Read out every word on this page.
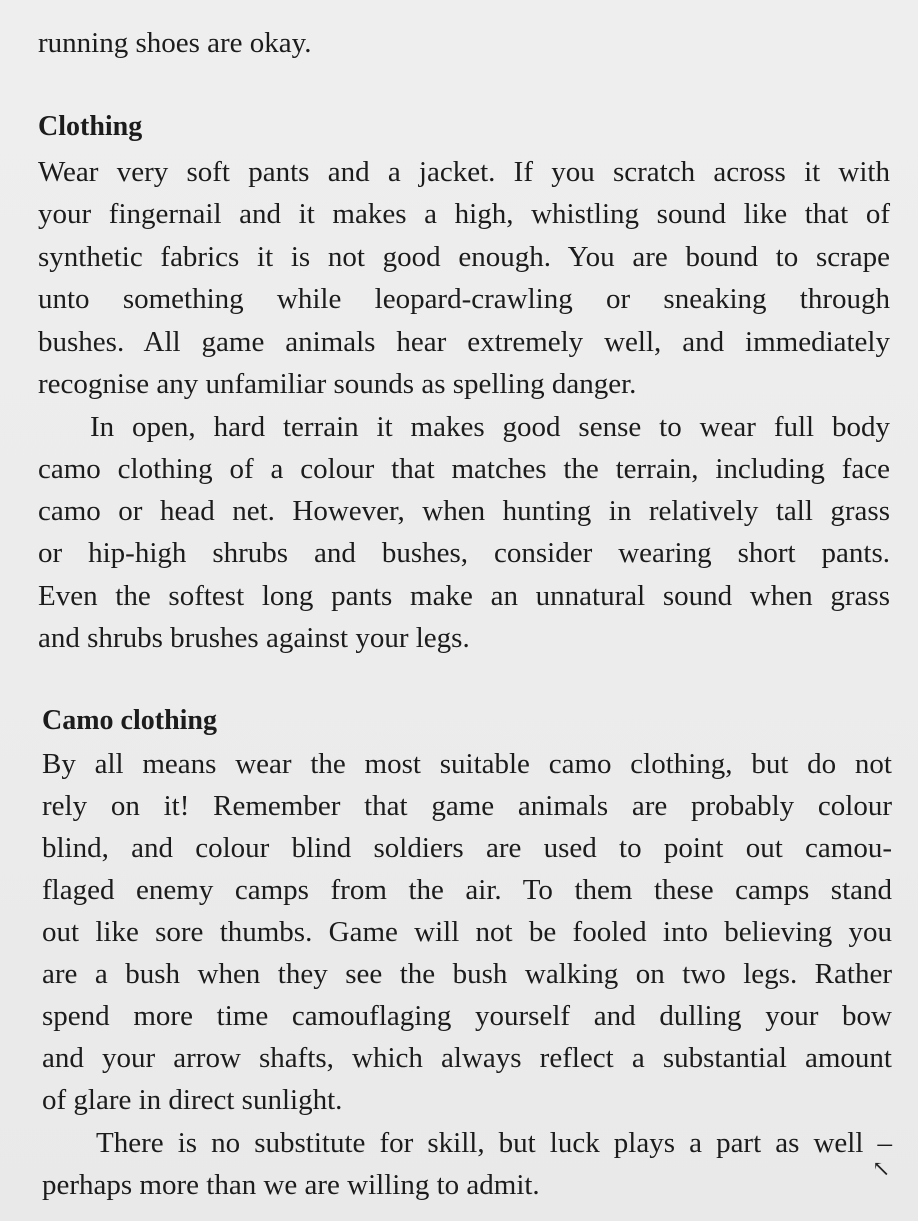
running shoes are okay.
Clothing
Wear very soft pants and a jacket. If you scratch across it with
your fingernail and it makes a high, whistling sound like that of
synthetic fabrics it is not good enough. You are bound to scrape
unto something while leopard-crawling or sneaking through
bushes. All game animals hear extremely well, and immediately
recognise any unfamiliar sounds as spelling danger.
In open, hard terrain it makes good sense to wear full body
camo clothing of a colour that matches the terrain, including face
camo or head net. However, when hunting in relatively tall grass
or hip-high shrubs and bushes, consider wearing short pants.
Even the softest long pants make an unnatural sound when grass
and shrubs brushes against your legs.
Camo clothing
By all means wear the most suitable camo clothing, but do not
rely on it! Remember that game animals are probably colour
blind, and colour blind soldiers are used to point out camou-
flaged enemy camps from the air. To them these camps stand
out like sore thumbs. Game will not be fooled into believing you
are a bush when they see the bush walking on two legs. Rather
spend more time camouflaging yourself and dulling your bow
and your arrow shafts, which always reflect a substantial amount
of glare in direct sunlight.
There is no substitute for skill, but luck plays a part as well –
perhaps more than we are willing to admit.
↖
